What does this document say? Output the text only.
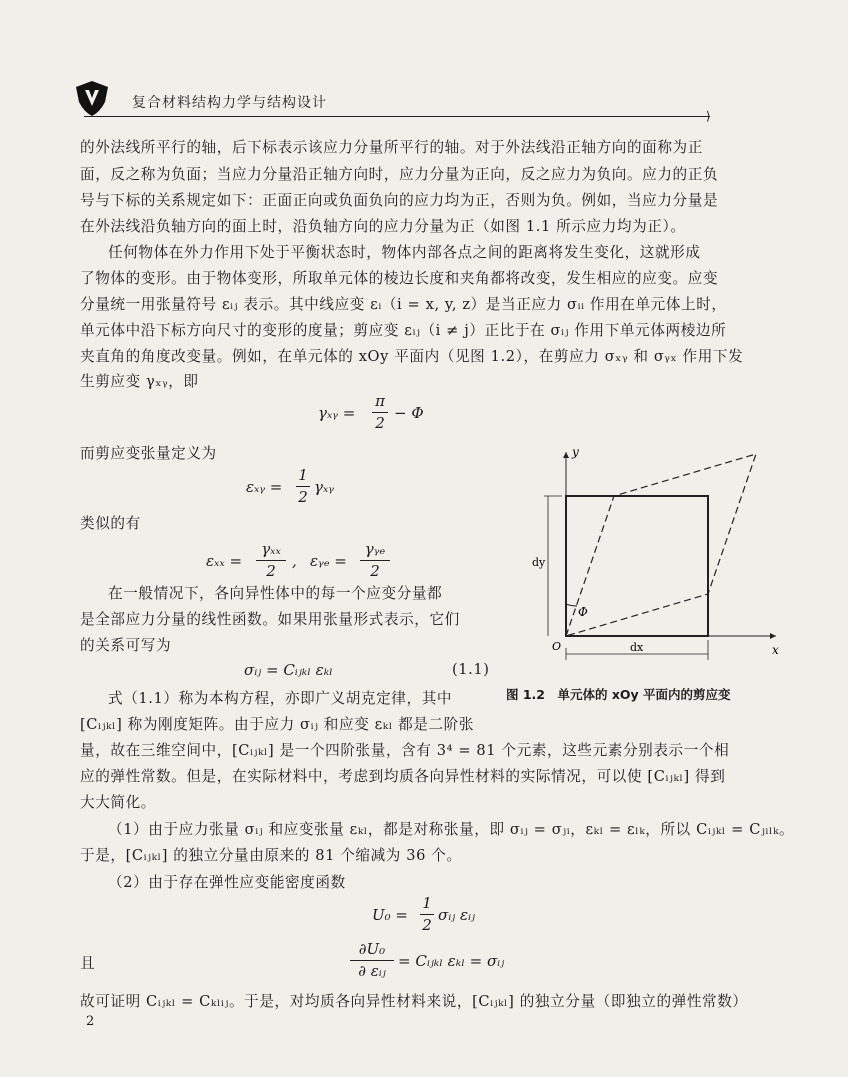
复合材料结构力学与结构设计
⟩
的外法线所平行的轴，后下标表示该应力分量所平行的轴。对于外法线沿正轴方向的面称为正
面，反之称为负面；当应力分量沿正轴方向时，应力分量为正向，反之应力为负向。应力的正负
号与下标的关系规定如下：正面正向或负面负向的应力均为正，否则为负。例如，当应力分量是
在外法线沿负轴方向的面上时，沿负轴方向的应力分量为正（如图 1.1 所示应力均为正）。
任何物体在外力作用下处于平衡状态时，物体内部各点之间的距离将发生变化，这就形成
了物体的变形。由于物体变形，所取单元体的棱边长度和夹角都将改变，发生相应的应变。应变
分量统一用张量符号 εᵢⱼ 表示。其中线应变 εᵢ（i = x, y, z）是当正应力 σᵢᵢ 作用在单元体上时，
单元体中沿下标方向尺寸的变形的度量；剪应变 εᵢⱼ（i ≠ j）正比于在 σᵢⱼ 作用下单元体两棱边所
夹直角的角度改变量。例如，在单元体的 xOy 平面内（见图 1.2），在剪应力 σₓᵧ 和 σᵧₓ 作用下发
生剪应变 γₓᵧ，即
γₓᵧ =
π
2
− Φ
而剪应变张量定义为
εₓᵧ =
1
2
γₓᵧ
类似的有
εₓₓ =
γₓₓ
2
, εᵧₑ =
γᵧₑ
2
在一般情况下，各向异性体中的每一个应变分量都
是全部应力分量的线性函数。如果用张量形式表示，它们
的关系可写为
σᵢⱼ = Cᵢⱼₖₗ εₖₗ	(1.1)
式（1.1）称为本构方程，亦即广义胡克定律，其中
[Cᵢⱼₖₗ] 称为刚度矩阵。由于应力 σᵢⱼ 和应变 εₖₗ 都是二阶张
y
x
O	dx
dy
Φ
图 1.2　单元体的 xOy 平面内的剪应变
量，故在三维空间中，[Cᵢⱼₖₗ] 是一个四阶张量，含有 3⁴ = 81 个元素，这些元素分别表示一个相
应的弹性常数。但是，在实际材料中，考虑到均质各向异性材料的实际情况，可以使 [Cᵢⱼₖₗ] 得到
大大简化。
（1）由于应力张量 σᵢⱼ 和应变张量 εₖₗ，都是对称张量，即 σᵢⱼ = σⱼᵢ，εₖₗ = εₗₖ，所以 Cᵢⱼₖₗ = Cⱼᵢₗₖ。
于是，[Cᵢⱼₖₗ] 的独立分量由原来的 81 个缩减为 36 个。
（2）由于存在弹性应变能密度函数
U₀ =
1
2
σᵢⱼ εᵢⱼ
且
∂U₀
∂ εᵢⱼ
= Cᵢⱼₖₗ εₖₗ = σᵢⱼ
故可证明 Cᵢⱼₖₗ = Cₖₗᵢⱼ。于是，对均质各向异性材料来说，[Cᵢⱼₖₗ] 的独立分量（即独立的弹性常数）
2
